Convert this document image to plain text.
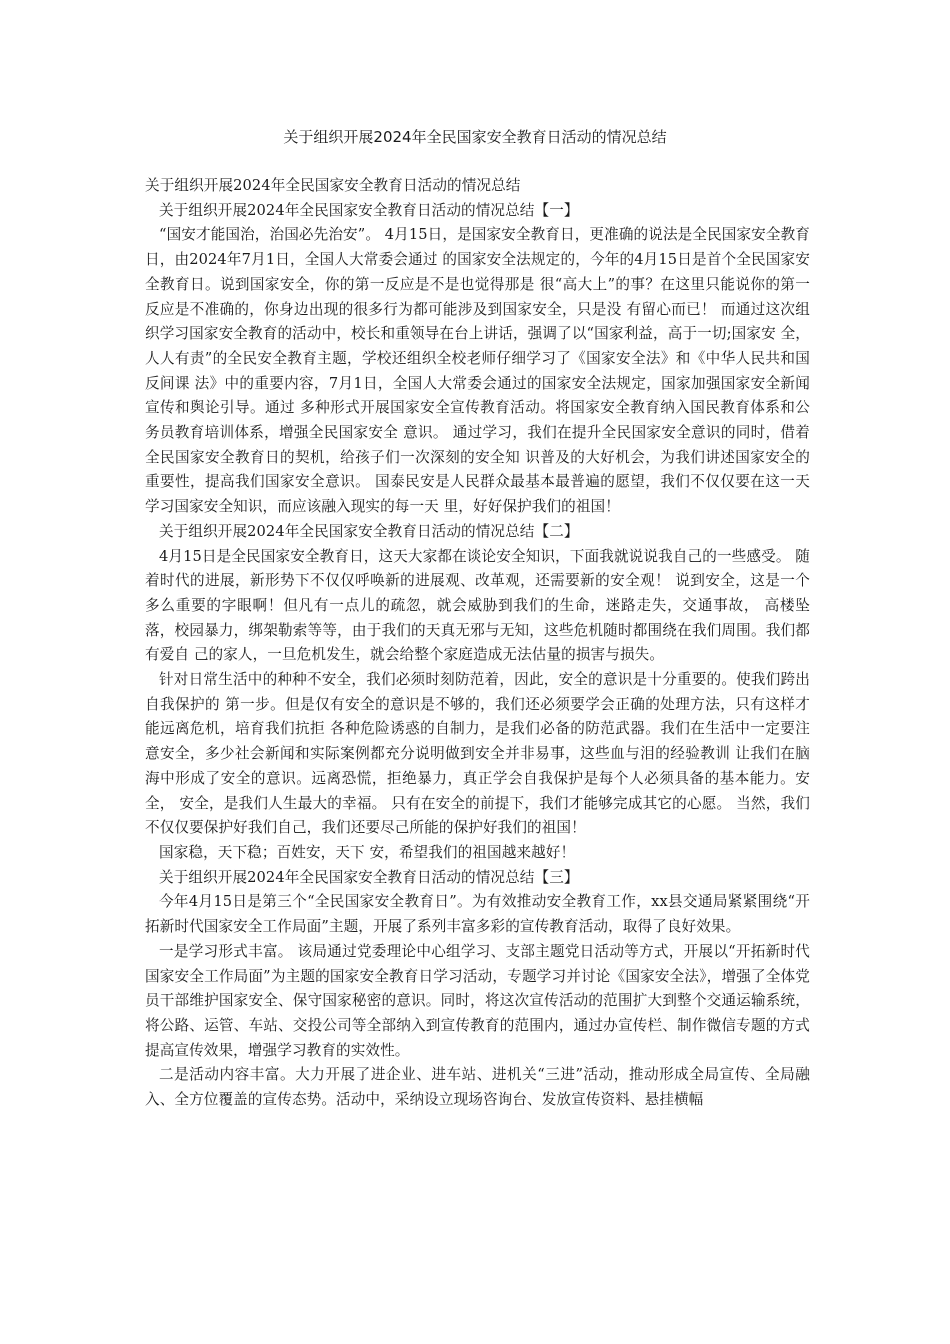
关于组织开展2024年全民国家安全教育日活动的情况总结

关于组织开展2024年全民国家安全教育日活动的情况总结

关于组织开展2024年全民国家安全教育日活动的情况总结【一】

“国安才能国治，治国必先治安”。 4月15日，是国家安全教育日，更准确的说法是全民国家安全教育日，由2024年7月1日，全国人大常委会通过 的国家安全法规定的，今年的4月15日是首个全民国家安全教育日。说到国家安全，你的第一反应是不是也觉得那是 很“高大上”的事？在这里只能说你的第一反应是不准确的，你身边出现的很多行为都可能涉及到国家安全，只是没 有留心而已！ 而通过这次组织学习国家安全教育的活动中，校长和重领导在台上讲话，强调了以“国家利益，高于一切;国家安 全，人人有责”的全民安全教育主题，学校还组织全校老师仔细学习了《国家安全法》和《中华人民共和国反间课 法》中的重要内容，7月1日，全国人大常委会通过的国家安全法规定，国家加强国家安全新闻宣传和舆论引导。通过 多种形式开展国家安全宣传教育活动。将国家安全教育纳入国民教育体系和公务员教育培训体系，增强全民国家安全 意识。 通过学习，我们在提升全民国家安全意识的同时，借着全民国家安全教育日的契机，给孩子们一次深刻的安全知 识普及的大好机会，为我们讲述国家安全的重要性，提高我们国家安全意识。 国泰民安是人民群众最基本最普遍的愿望，我们不仅仅要在这一天学习国家安全知识，而应该融入现实的每一天 里，好好保护我们的祖国！

关于组织开展2024年全民国家安全教育日活动的情况总结【二】

4月15日是全民国家安全教育日，这天大家都在谈论安全知识，下面我就说说我自己的一些感受。 随着时代的进展，新形势下不仅仅呼唤新的进展观、改革观，还需要新的安全观！ 说到安全，这是一个多么重要的字眼啊！但凡有一点儿的疏忽，就会威胁到我们的生命，迷路走失，交通事故， 高楼坠落，校园暴力，绑架勒索等等，由于我们的天真无邪与无知，这些危机随时都围绕在我们周围。我们都有爱自 己的家人，一旦危机发生，就会给整个家庭造成无法估量的损害与损失。

针对日常生活中的种种不安全，我们必须时刻防范着，因此，安全的意识是十分重要的。使我们跨出自我保护的 第一步。但是仅有安全的意识是不够的，我们还必须要学会正确的处理方法，只有这样才能远离危机，培育我们抗拒 各种危险诱惑的自制力，是我们必备的防范武器。我们在生活中一定要注意安全，多少社会新闻和实际案例都充分说明做到安全并非易事，这些血与泪的经验教训 让我们在脑海中形成了安全的意识。远离恐慌，拒绝暴力，真正学会自我保护是每个人必须具备的基本能力。安全， 安全，是我们人生最大的幸福。 只有在安全的前提下，我们才能够完成其它的心愿。 当然，我们不仅仅要保护好我们自己，我们还要尽己所能的保护好我们的祖国！

国家稳，天下稳；百姓安，天下 安，希望我们的祖国越来越好！

关于组织开展2024年全民国家安全教育日活动的情况总结【三】

今年4月15日是第三个“全民国家安全教育日”。为有效推动安全教育工作，xx县交通局紧紧围绕“开拓新时代国家安全工作局面”主题，开展了系列丰富多彩的宣传教育活动，取得了良好效果。

一是学习形式丰富。 该局通过党委理论中心组学习、支部主题党日活动等方式，开展以“开拓新时代国家安全工作局面”为主题的国家安全教育日学习活动，专题学习并讨论《国家安全法》，增强了全体党员干部维护国家安全、保守国家秘密的意识。同时，将这次宣传活动的范围扩大到整个交通运输系统，将公路、运管、车站、交投公司等全部纳入到宣传教育的范围内，通过办宣传栏、制作微信专题的方式提高宣传效果，增强学习教育的实效性。

二是活动内容丰富。大力开展了进企业、进车站、进机关“三进”活动，推动形成全局宣传、全局融入、全方位覆盖的宣传态势。活动中，采纳设立现场咨询台、发放宣传资料、悬挂横幅
